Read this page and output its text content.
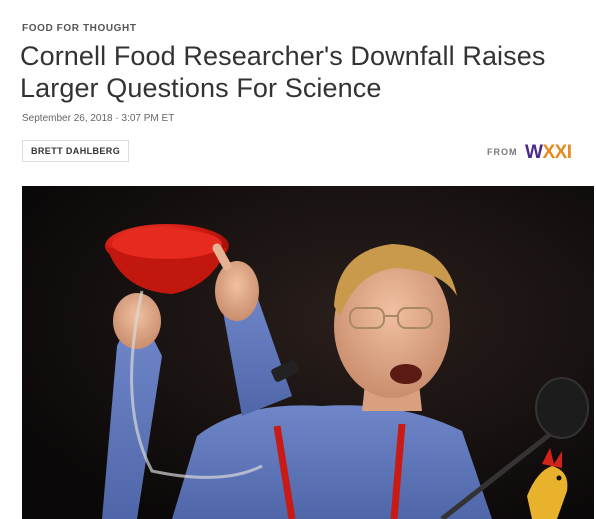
FOOD FOR THOUGHT
Cornell Food Researcher's Downfall Raises Larger Questions For Science
September 26, 2018 · 3:07 PM ET
BRETT DAHLBERG	FROM WXXI
